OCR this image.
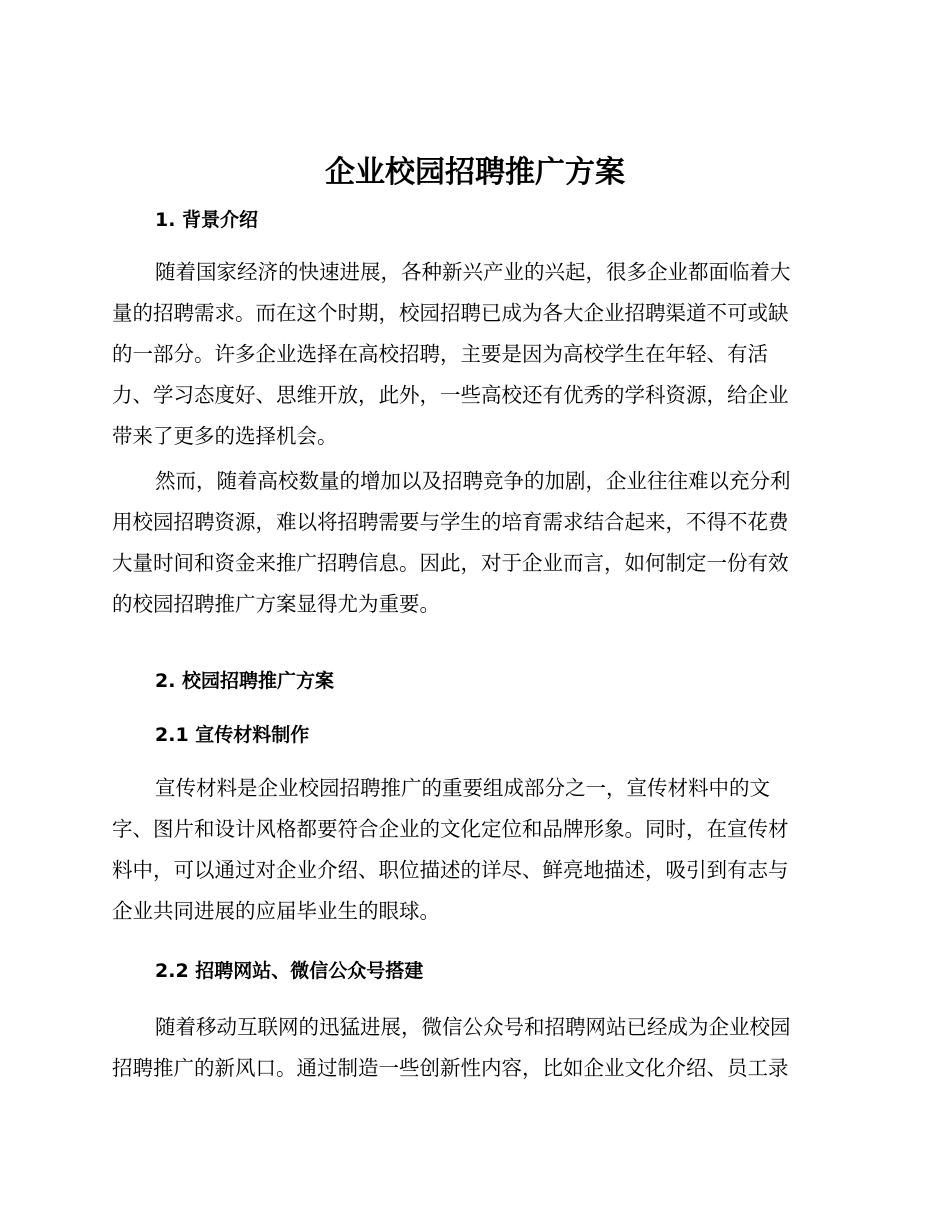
企业校园招聘推广方案
1. 背景介绍
随着国家经济的快速进展，各种新兴产业的兴起，很多企业都面临着大
量的招聘需求。而在这个时期，校园招聘已成为各大企业招聘渠道不可或缺
的一部分。许多企业选择在高校招聘，主要是因为高校学生在年轻、有活
力、学习态度好、思维开放，此外，一些高校还有优秀的学科资源，给企业
带来了更多的选择机会。
然而，随着高校数量的增加以及招聘竞争的加剧，企业往往难以充分利
用校园招聘资源，难以将招聘需要与学生的培育需求结合起来，不得不花费
大量时间和资金来推广招聘信息。因此，对于企业而言，如何制定一份有效
的校园招聘推广方案显得尤为重要。
2. 校园招聘推广方案
2.1 宣传材料制作
宣传材料是企业校园招聘推广的重要组成部分之一，宣传材料中的文
字、图片和设计风格都要符合企业的文化定位和品牌形象。同时，在宣传材
料中，可以通过对企业介绍、职位描述的详尽、鲜亮地描述，吸引到有志与
企业共同进展的应届毕业生的眼球。
2.2 招聘网站、微信公众号搭建
随着移动互联网的迅猛进展，微信公众号和招聘网站已经成为企业校园
招聘推广的新风口。通过制造一些创新性内容，比如企业文化介绍、员工录
